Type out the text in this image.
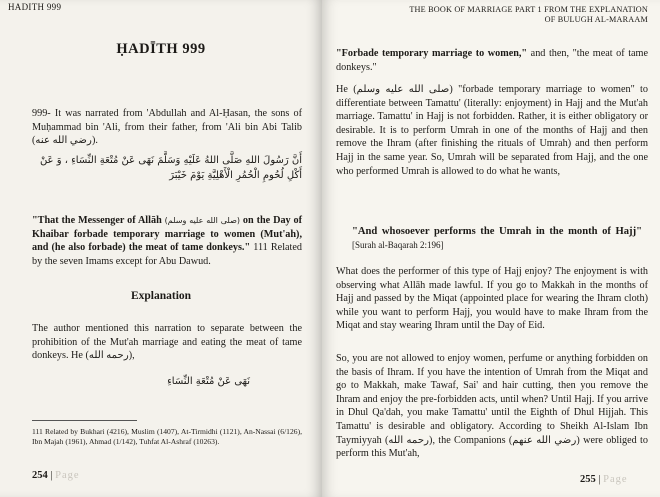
HADITH 999
ḤADĪTH 999
999- It was narrated from 'Abdullah and Al-Ḥasan, the sons of Muḥammad bin 'Ali, from their father, from 'Ali bin Abi Talib (رضي الله عنه).
أَنَّ رَسُولَ اللهِ صَلَّى اللهُ عَلَيْهِ وَسَلَّمَ نَهَى عَنْ مُتْعَةِ النِّسَاءِ ، وَ عَنْ أَكْلِ لُحُومِ الْحُمُرِ الْأَهْلِيَّةِ يَوْمَ خَيْبَرَ
"That the Messenger of Allāh (صلى الله عليه وسلم) on the Day of Khaibar forbade temporary marriage to women (Mut'ah), and (he also forbade) the meat of tame donkeys." 111 Related by the seven Imams except for Abu Dawud.
Explanation
The author mentioned this narration to separate between the prohibition of the Mut'ah marriage and eating the meat of tame donkeys. He (رحمه الله),
نَهَى عَنْ مُتْعَةِ النِّسَاءِ
111 Related by Bukhari (4216), Muslim (1407), At-Tirmidhi (1121), An-Nassai (6/126), Ibn Majah (1961), Ahmad (1/142), Tuhfat Al-Ashraf (10263).
254 | Page
THE BOOK OF MARRIAGE PART 1 FROM THE EXPLANATION
OF BULUGH AL-MARAAM
"Forbade temporary marriage to women," and then, "the meat of tame donkeys."
He (صلى الله عليه وسلم) "forbade temporary marriage to women" to differentiate between Tamattu' (literally: enjoyment) in Hajj and the Mut'ah marriage. Tamattu' in Hajj is not forbidden. Rather, it is either obligatory or desirable. It is to perform Umrah in one of the months of Hajj and then remove the Ihram (after finishing the rituals of Umrah) and then perform Hajj in the same year. So, Umrah will be separated from Hajj, and the one who performed Umrah is allowed to do what he wants,
"And whosoever performs the Umrah in the month of Hajj" [Surah al-Baqarah 2:196]
What does the performer of this type of Hajj enjoy? The enjoyment is with observing what Allāh made lawful. If you go to Makkah in the months of Hajj and passed by the Miqat (appointed place for wearing the Ihram cloth) while you want to perform Hajj, you would have to make Ihram from the Miqat and stay wearing Ihram until the Day of Eid.
So, you are not allowed to enjoy women, perfume or anything forbidden on the basis of Ihram. If you have the intention of Umrah from the Miqat and go to Makkah, make Tawaf, Sai' and hair cutting, then you remove the Ihram and enjoy the pre-forbidden acts, until when? Until Hajj. If you arrive in Dhul Qa'dah, you make Tamattu' until the Eighth of Dhul Hijjah. This Tamattu' is desirable and obligatory. According to Sheikh Al-Islam Ibn Taymiyyah (رحمه الله), the Companions (رضي الله عنهم) were obliged to perform this Mut'ah,
255 | Page
